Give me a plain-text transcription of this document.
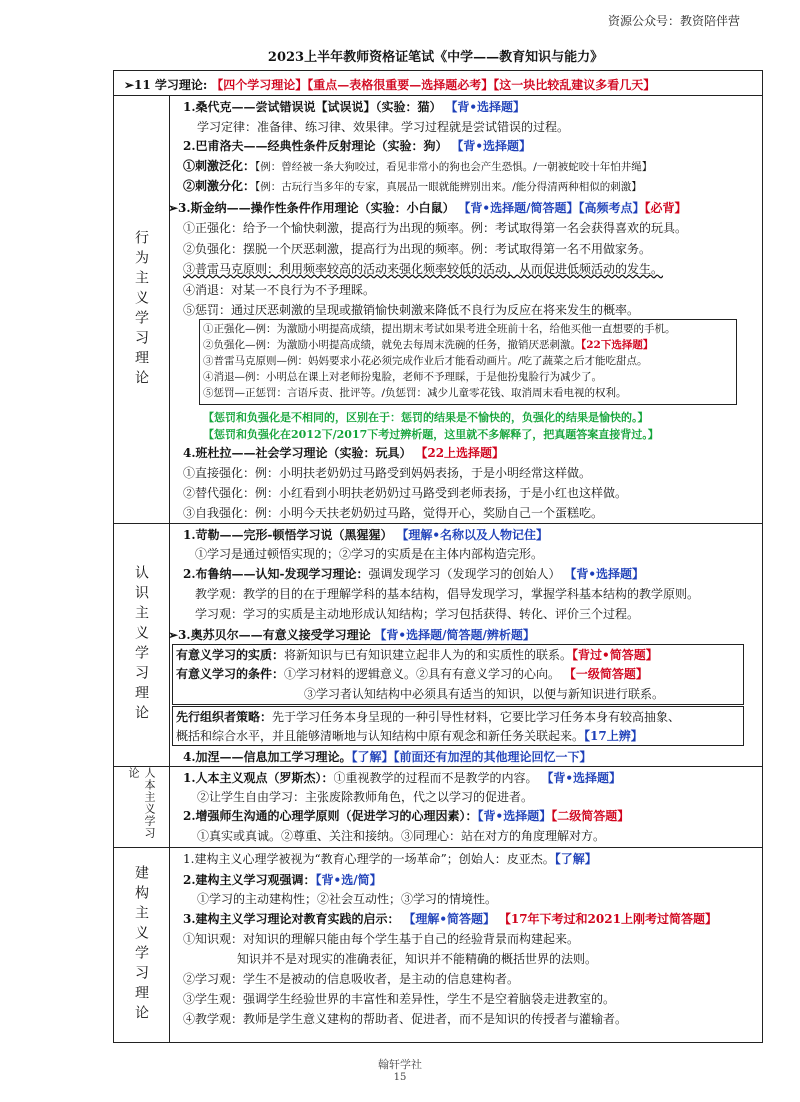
资源公众号：教资陪伴营
2023上半年教师资格证笔试《中学——教育知识与能力》
行为主义学习理论
认识主义学习理论
人本主义学习论
建构主义学习理论
➢11 学习理论: 【四个学习理论】【重点—表格很重要—选择题必考】【这一块比较乱建议多看几天】
1.桑代克——尝试错误说【试误说】（实验：猫） 【背•选择题】
学习定律：准备律、练习律、效果律。学习过程就是尝试错误的过程。
2.巴甫洛夫——经典性条件反射理论（实验：狗） 【背•选择题】
①刺激泛化：【例：曾经被一条大狗咬过，看见非常小的狗也会产生恐惧。/一朝被蛇咬十年怕井绳】
②刺激分化：【例：古玩行当多年的专家，真展品一眼就能辨别出来。/能分得清两种相似的刺激】
➢3.斯金纳——操作性条件作用理论（实验：小白鼠） 【背•选择题/简答题】【高频考点】【必背】
①正强化：给予一个愉快刺激，提高行为出现的频率。例：考试取得第一名会获得喜欢的玩具。
②负强化：摆脱一个厌恶刺激，提高行为出现的频率。例：考试取得第一名不用做家务。
③普雷马克原则：利用频率较高的活动来强化频率较低的活动，从而促进低频活动的发生。
④消退：对某一不良行为不予理睬。
⑤惩罚：通过厌恶刺激的呈现或撤销愉快刺激来降低不良行为反应在将来发生的概率。
①正强化—例：为激励小明提高成绩，提出期末考试如果考进全班前十名，给他买他一直想要的手机。
②负强化—例：为激励小明提高成绩，就免去每周末洗碗的任务，撤销厌恶刺激。【22下选择题】
③普雷马克原则—例：妈妈要求小花必须完成作业后才能看动画片。/吃了蔬菜之后才能吃甜点。
④消退—例：小明总在课上对老师扮鬼脸，老师不予理睬，于是他扮鬼脸行为减少了。
⑤惩罚—正惩罚：言语斥责、批评等。/负惩罚：减少儿童零花钱、取消周末看电视的权利。
【惩罚和负强化是不相同的，区别在于：惩罚的结果是不愉快的，负强化的结果是愉快的。】
【惩罚和负强化在2012下/2017下考过辨析题，这里就不多解释了，把真题答案直接背过。】
4.班杜拉——社会学习理论（实验：玩具） 【22上选择题】
①直接强化：例：小明扶老奶奶过马路受到妈妈表扬，于是小明经常这样做。
②替代强化：例：小红看到小明扶老奶奶过马路受到老师表扬，于是小红也这样做。
③自我强化：例：小明今天扶老奶奶过马路，觉得开心，奖励自己一个蛋糕吃。
1.苛勒——完形-顿悟学习说（黑猩猩） 【理解•名称以及人物记住】
①学习是通过顿悟实现的；②学习的实质是在主体内部构造完形。
2.布鲁纳——认知-发现学习理论：强调发现学习（发现学习的创始人） 【背•选择题】
教学观：教学的目的在于理解学科的基本结构，倡导发现学习，掌握学科基本结构的教学原则。
学习观：学习的实质是主动地形成认知结构；学习包括获得、转化、评价三个过程。
➢3.奥苏贝尔——有意义接受学习理论 【背•选择题/简答题/辨析题】
有意义学习的实质：将新知识与已有知识建立起非人为的和实质性的联系。【背过•简答题】
有意义学习的条件：①学习材料的逻辑意义。②具有有意义学习的心向。 【一级简答题】
③学习者认知结构中必须具有适当的知识，以便与新知识进行联系。
先行组织者策略：先于学习任务本身呈现的一种引导性材料，它要比学习任务本身有较高抽象、
概括和综合水平，并且能够清晰地与认知结构中原有观念和新任务关联起来。【17上辨】
4.加涅——信息加工学习理论。【了解】【前面还有加涅的其他理论回忆一下】
1.人本主义观点（罗斯杰）：①重视教学的过程而不是教学的内容。 【背•选择题】
②让学生自由学习：主张废除教师角色，代之以学习的促进者。
2.增强师生沟通的心理学原则（促进学习的心理因素）：【背•选择题】【二级简答题】
①真实或真诚。②尊重、关注和接纳。③同理心：站在对方的角度理解对方。
1.建构主义心理学被视为“教育心理学的一场革命”；创始人：皮亚杰。【了解】
2.建构主义学习观强调：【背•选/简】
①学习的主动建构性；②社会互动性；③学习的情境性。
3.建构主义学习理论对教育实践的启示： 【理解•简答题】 【17年下考过和2021上刚考过简答题】
①知识观：对知识的理解只能由每个学生基于自己的经验背景而构建起来。
知识并不是对现实的准确表征，知识并不能精确的概括世界的法则。
②学习观：学生不是被动的信息吸收者，是主动的信息建构者。
③学生观：强调学生经验世界的丰富性和差异性，学生不是空着脑袋走进教室的。
④教学观：教师是学生意义建构的帮助者、促进者，而不是知识的传授者与灌输者。
翰轩学社
15
